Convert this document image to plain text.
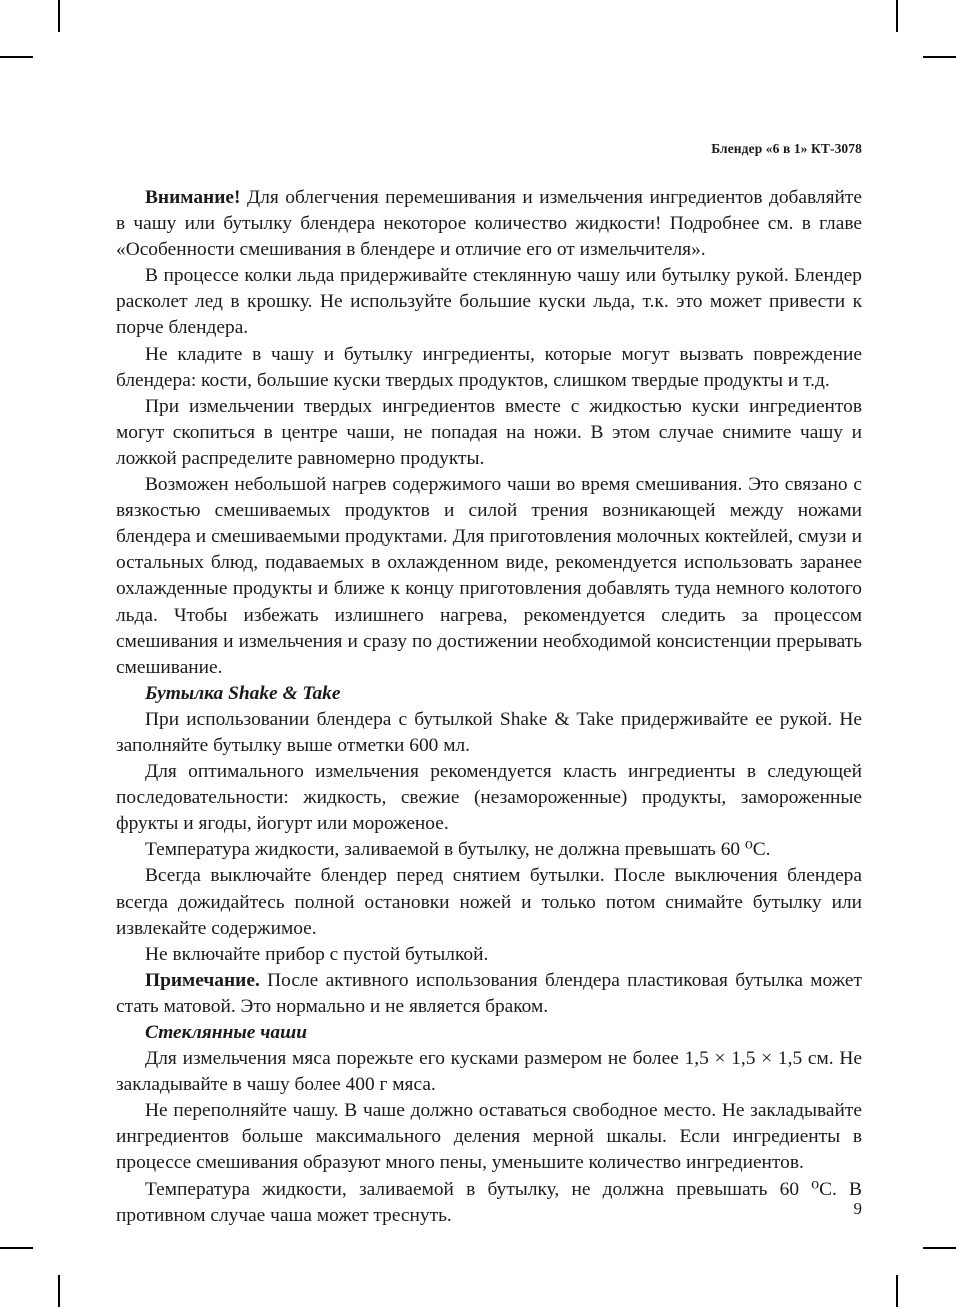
Блендер «6 в 1» КТ-3078

Внимание! Для облегчения перемешивания и измельчения ингредиентов добавляйте в чашу или бутылку блендера некоторое количество жидкости! Подробнее см. в главе «Особенности смешивания в блендере и отличие его от измельчителя».

В процессе колки льда придерживайте стеклянную чашу или бутылку рукой. Блендер расколет лед в крошку. Не используйте большие куски льда, т.к. это может привести к порче блендера.

Не кладите в чашу и бутылку ингредиенты, которые могут вызвать повреждение блендера: кости, большие куски твердых продуктов, слишком твердые продукты и т.д.

При измельчении твердых ингредиентов вместе с жидкостью куски ингредиентов могут скопиться в центре чаши, не попадая на ножи. В этом случае снимите чашу и ложкой распределите равномерно продукты.

Возможен небольшой нагрев содержимого чаши во время смешивания. Это связано с вязкостью смешиваемых продуктов и силой трения возникающей между ножами блендера и смешиваемыми продуктами. Для приготовления молочных коктейлей, смузи и остальных блюд, подаваемых в охлажденном виде, рекомендуется использовать заранее охлажденные продукты и ближе к концу приготовления добавлять туда немного колотого льда. Чтобы избежать излишнего нагрева, рекомендуется следить за процессом смешивания и измельчения и сразу по достижении необходимой консистенции прерывать смешивание.

Бутылка Shake & Take

При использовании блендера с бутылкой Shake & Take придерживайте ее рукой. Не заполняйте бутылку выше отметки 600 мл.

Для оптимального измельчения рекомендуется класть ингредиенты в следующей последовательности: жидкость, свежие (незамороженные) продукты, замороженные фрукты и ягоды, йогурт или мороженое.

Температура жидкости, заливаемой в бутылку, не должна превышать 60 ⁰С.

Всегда выключайте блендер перед снятием бутылки. После выключения блендера всегда дожидайтесь полной остановки ножей и только потом снимайте бутылку или извлекайте содержимое.

Не включайте прибор с пустой бутылкой.

Примечание. После активного использования блендера пластиковая бутылка может стать матовой. Это нормально и не является браком.

Стеклянные чаши

Для измельчения мяса порежьте его кусками размером не более 1,5 × 1,5 × 1,5 см. Не закладывайте в чашу более 400 г мяса.

Не переполняйте чашу. В чаше должно оставаться свободное место. Не закладывайте ингредиентов больше максимального деления мерной шкалы. Если ингредиенты в процессе смешивания образуют много пены, уменьшите количество ингредиентов.

Температура жидкости, заливаемой в бутылку, не должна превышать 60 ⁰С. В противном случае чаша может треснуть.	9
